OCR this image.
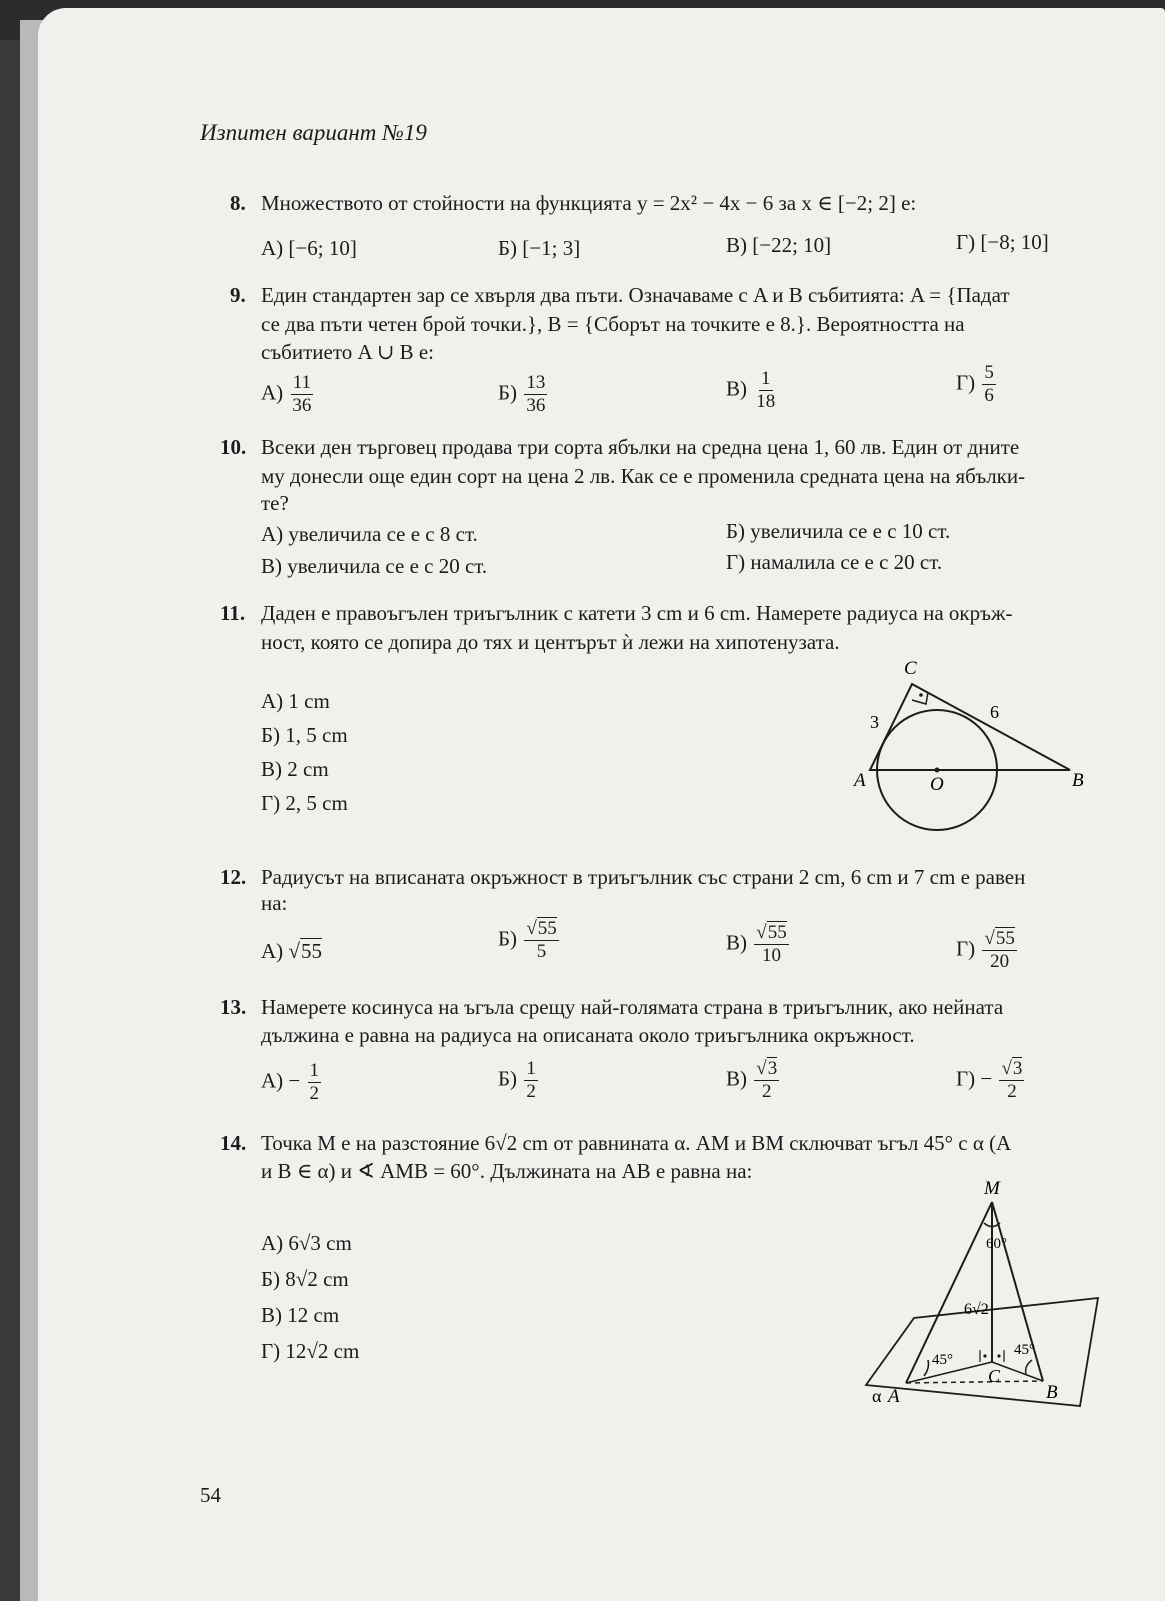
Изпитен вариант №19
8. Множеството от стойности на функцията y = 2x² − 4x − 6 за x ∈ [−2; 2] е:
А) [−6; 10]	Б) [−1; 3]	В) [−22; 10]	Г) [−8; 10]
9. Един стандартен зар се хвърля два пъти. Означаваме с A и B събитията: A = {Падат
се два пъти четен брой точки.}, B = {Сборът на точките е 8.}. Вероятността на
събитието A ∪ B е:
$А) \frac{11}{36}$	$Б) \frac{13}{36}$	$В) \frac{1}{18}$	$Г) \frac{5}{6}$
10. Всеки ден търговец продава три сорта ябълки на средна цена 1, 60 лв. Един от днитe
му донесли още един сорт на цена 2 лв. Как се е променила средната цена на ябълки-
те?
А) увеличила се е с 8 ст.	Б) увеличила се е с 10 ст.
В) увеличила се е с 20 ст.	Г) намалила се е с 20 ст.
11. Даден е правоъгълен триъгълник с катети 3 cm и 6 cm. Намерете радиуса на окръж-
ност, която се допира до тях и центърът ѝ лежи на хипотенузата.
А) 1 cm
Б) 1, 5 cm
В) 2 cm
Г) 2, 5 cm
C
A	B
O
3	6
12. Радиусът на вписаната окръжност в триъгълник със страни 2 cm, 6 cm и 7 cm е равен
на:
А) √55
$Б) \frac{√55}{5}$	$В) \frac{√55}{10}$	$Г) \frac{√55}{20}$
13. Намерете косинуса на ъгъла срещу най-голямата страна в триъгълник, ако нейната
дължина е равна на радиуса на описаната около триъгълника окръжност.
$А) - \frac{1}{2}$	$Б) \frac{1}{2}$	$В) \frac{√3}{2}$	$Г) - \frac{√3}{2}$
14. Точка M е на разстояние 6√2 cm от равнината α. AM и BM сключват ъгъл 45° с α (A
и B ∈ α) и ∢ AMB = 60°. Дължината на AB е равна на:
А) 6√3 cm
Б) 8√2 cm
В) 12 cm
Г) 12√2 cm
M
A	B
C
α
60°
45°
45°
6√2
54
